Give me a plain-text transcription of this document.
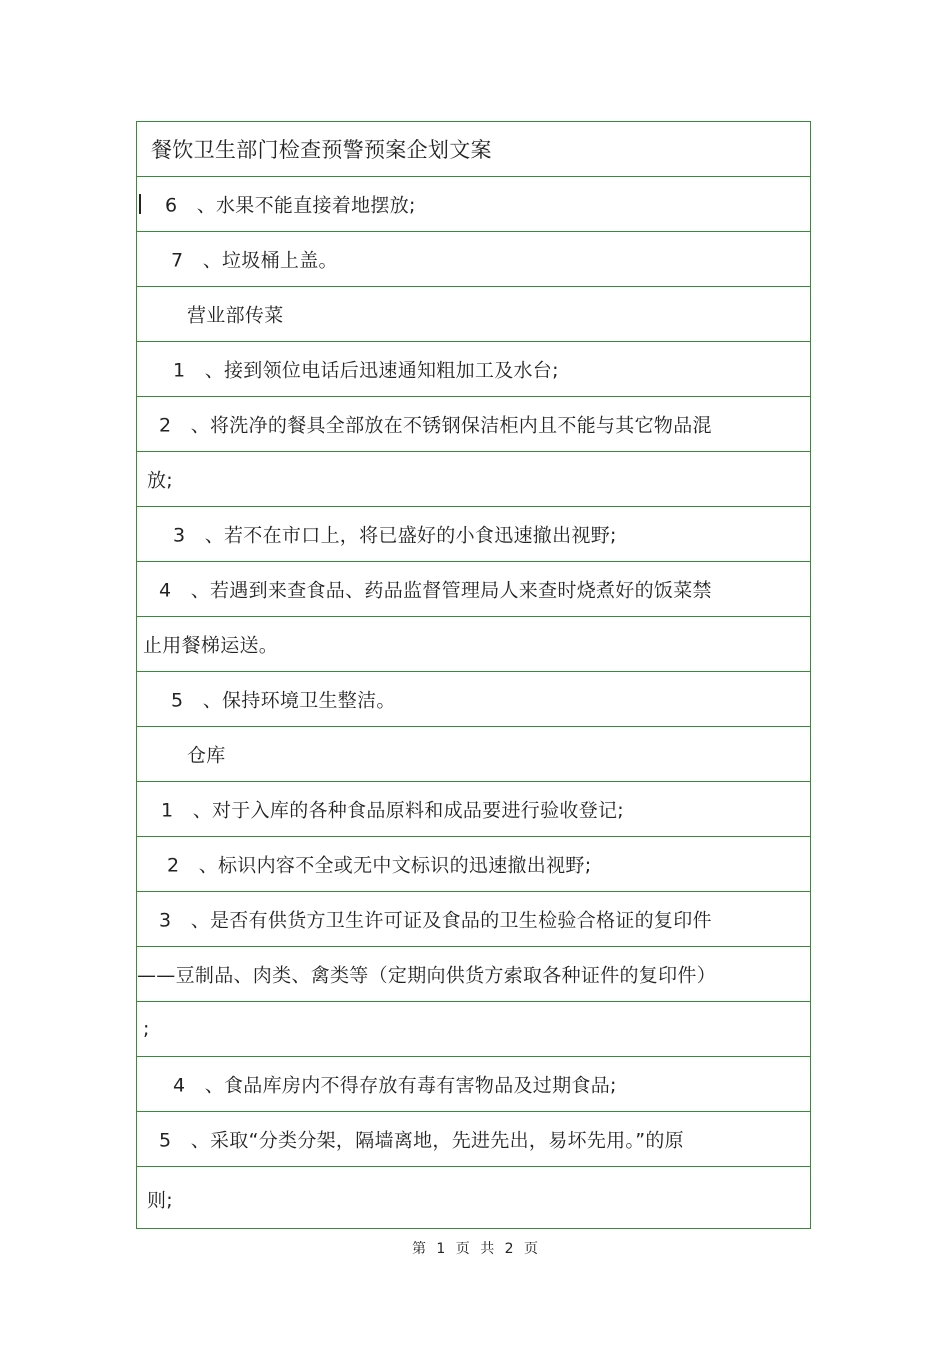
餐饮卫生部门检查预警预案企划文案
6　、水果不能直接着地摆放;
7　、垃圾桶上盖。
营业部传菜
1　、接到领位电话后迅速通知粗加工及水台;
2　、将洗净的餐具全部放在不锈钢保洁柜内且不能与其它物品混
放;
3　、若不在市口上，将已盛好的小食迅速撤出视野;
4　、若遇到来查食品、药品监督管理局人来查时烧煮好的饭菜禁
止用餐梯运送。
5　、保持环境卫生整洁。
仓库
1　、对于入库的各种食品原料和成品要进行验收登记;
2　、标识内容不全或无中文标识的迅速撤出视野;
3　、是否有供货方卫生许可证及食品的卫生检验合格证的复印件
——豆制品、肉类、禽类等（定期向供货方索取各种证件的复印件）
;
4　、食品库房内不得存放有毒有害物品及过期食品;
5　、采取“分类分架，隔墙离地，先进先出，易坏先用。”的原
则;
第 1 页 共 2 页
